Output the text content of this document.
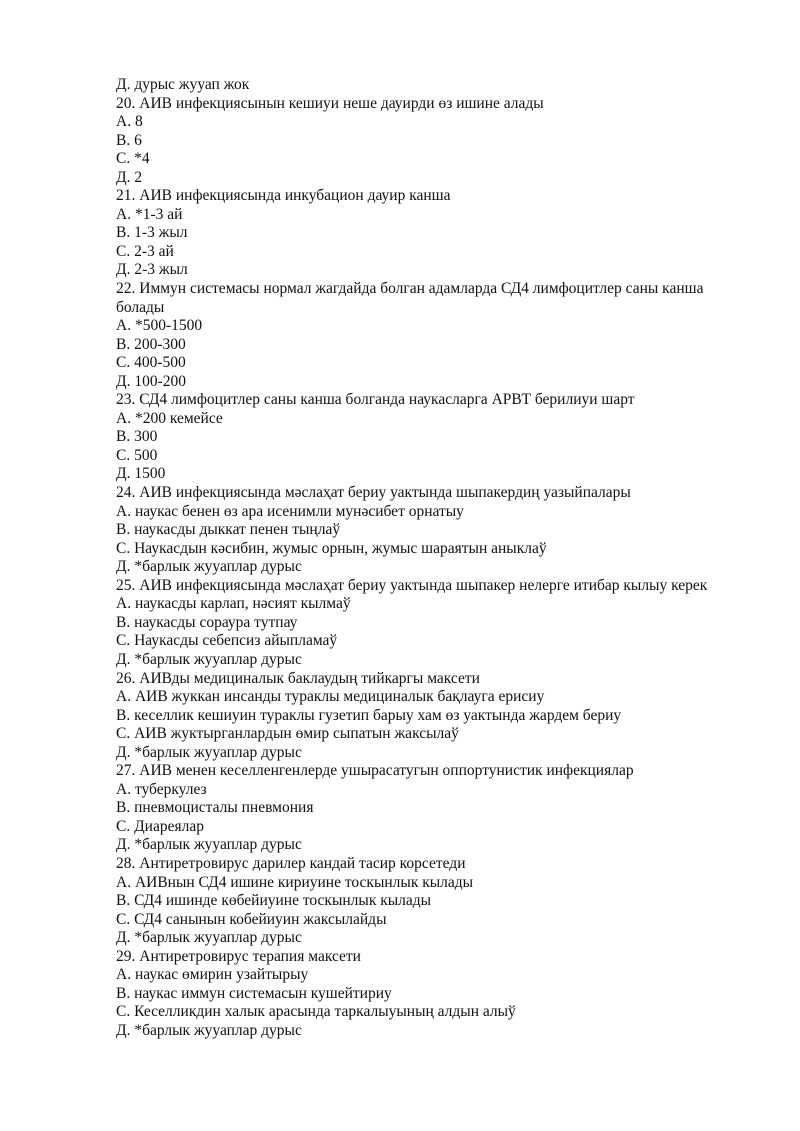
Д. дурыс жууап жок
20. АИВ инфекциясынын кешиуи неше дауирди өз ишине алады
А. 8
В. 6
С. *4
Д. 2
21. АИВ инфекциясында инкубацион дауир канша
А. *1-3 ай
В. 1-3 жыл
С. 2-3 ай
Д. 2-3 жыл
22. Иммун системасы нормал жагдайда болган адамларда СД4 лимфоцитлер саны канша болады
А. *500-1500
В. 200-300
С. 400-500
Д. 100-200
23. СД4 лимфоцитлер саны канша болганда наукасларга АРВТ берилиуи шарт
А. *200 кемейсе
В. 300
С. 500
Д. 1500
24. АИВ инфекциясында мәслаҳат бериу уактында шыпакердиң уазыйпалары
А. наукас бенен өз ара исенимли мунәсибет орнатыу
В. наукасды дыккат пенен тыңлаў
С. Наукасдын кәсибин, жумыс орнын, жумыс шараятын аныклаў
Д. *барлык жууаплар дурыс
25. АИВ инфекциясында мәслаҳат бериу уактында шыпакер нелерге итибар кылыу керек
А. наукасды карлап, нәсият кылмаў
В. наукасды сораура тутпау
С. Наукасды себепсиз айыпламаў
Д. *барлык жууаплар дурыс
26. АИВды медициналык баклаудың тийкаргы максети
А. АИВ жуккан инсанды тураклы медициналык бақлауга ерисиу
В. кеселлик кешиуин тураклы гузетип барыу хам өз уактында жардем бериу
С. АИВ жуктырганлардын өмир сыпатын жаксылаў
Д. *барлык жууаплар дурыс
27. АИВ менен кеселленгенлерде ушырасатугын оппортунистик инфекциялар
А. туберкулез
В. пневмоцисталы пневмония
С. Диареялар
Д. *барлык жууаплар дурыс
28. Антиретровирус дарилер кандай тасир корсетеди
А. АИВнын СД4 ишине кириуине тоскынлык кылады
В. СД4 ишинде көбейиуине тоскынлык кылады
С. СД4 санынын кобейиуин жаксылайды
Д. *барлык жууаплар дурыс
29. Антиретровирус терапия максети
А. наукас өмирин узайтырыу
В. наукас иммун системасын кушейтириу
С. Кеселликдин халык арасында таркалыуының алдын алыў
Д. *барлык жууаплар дурыс
